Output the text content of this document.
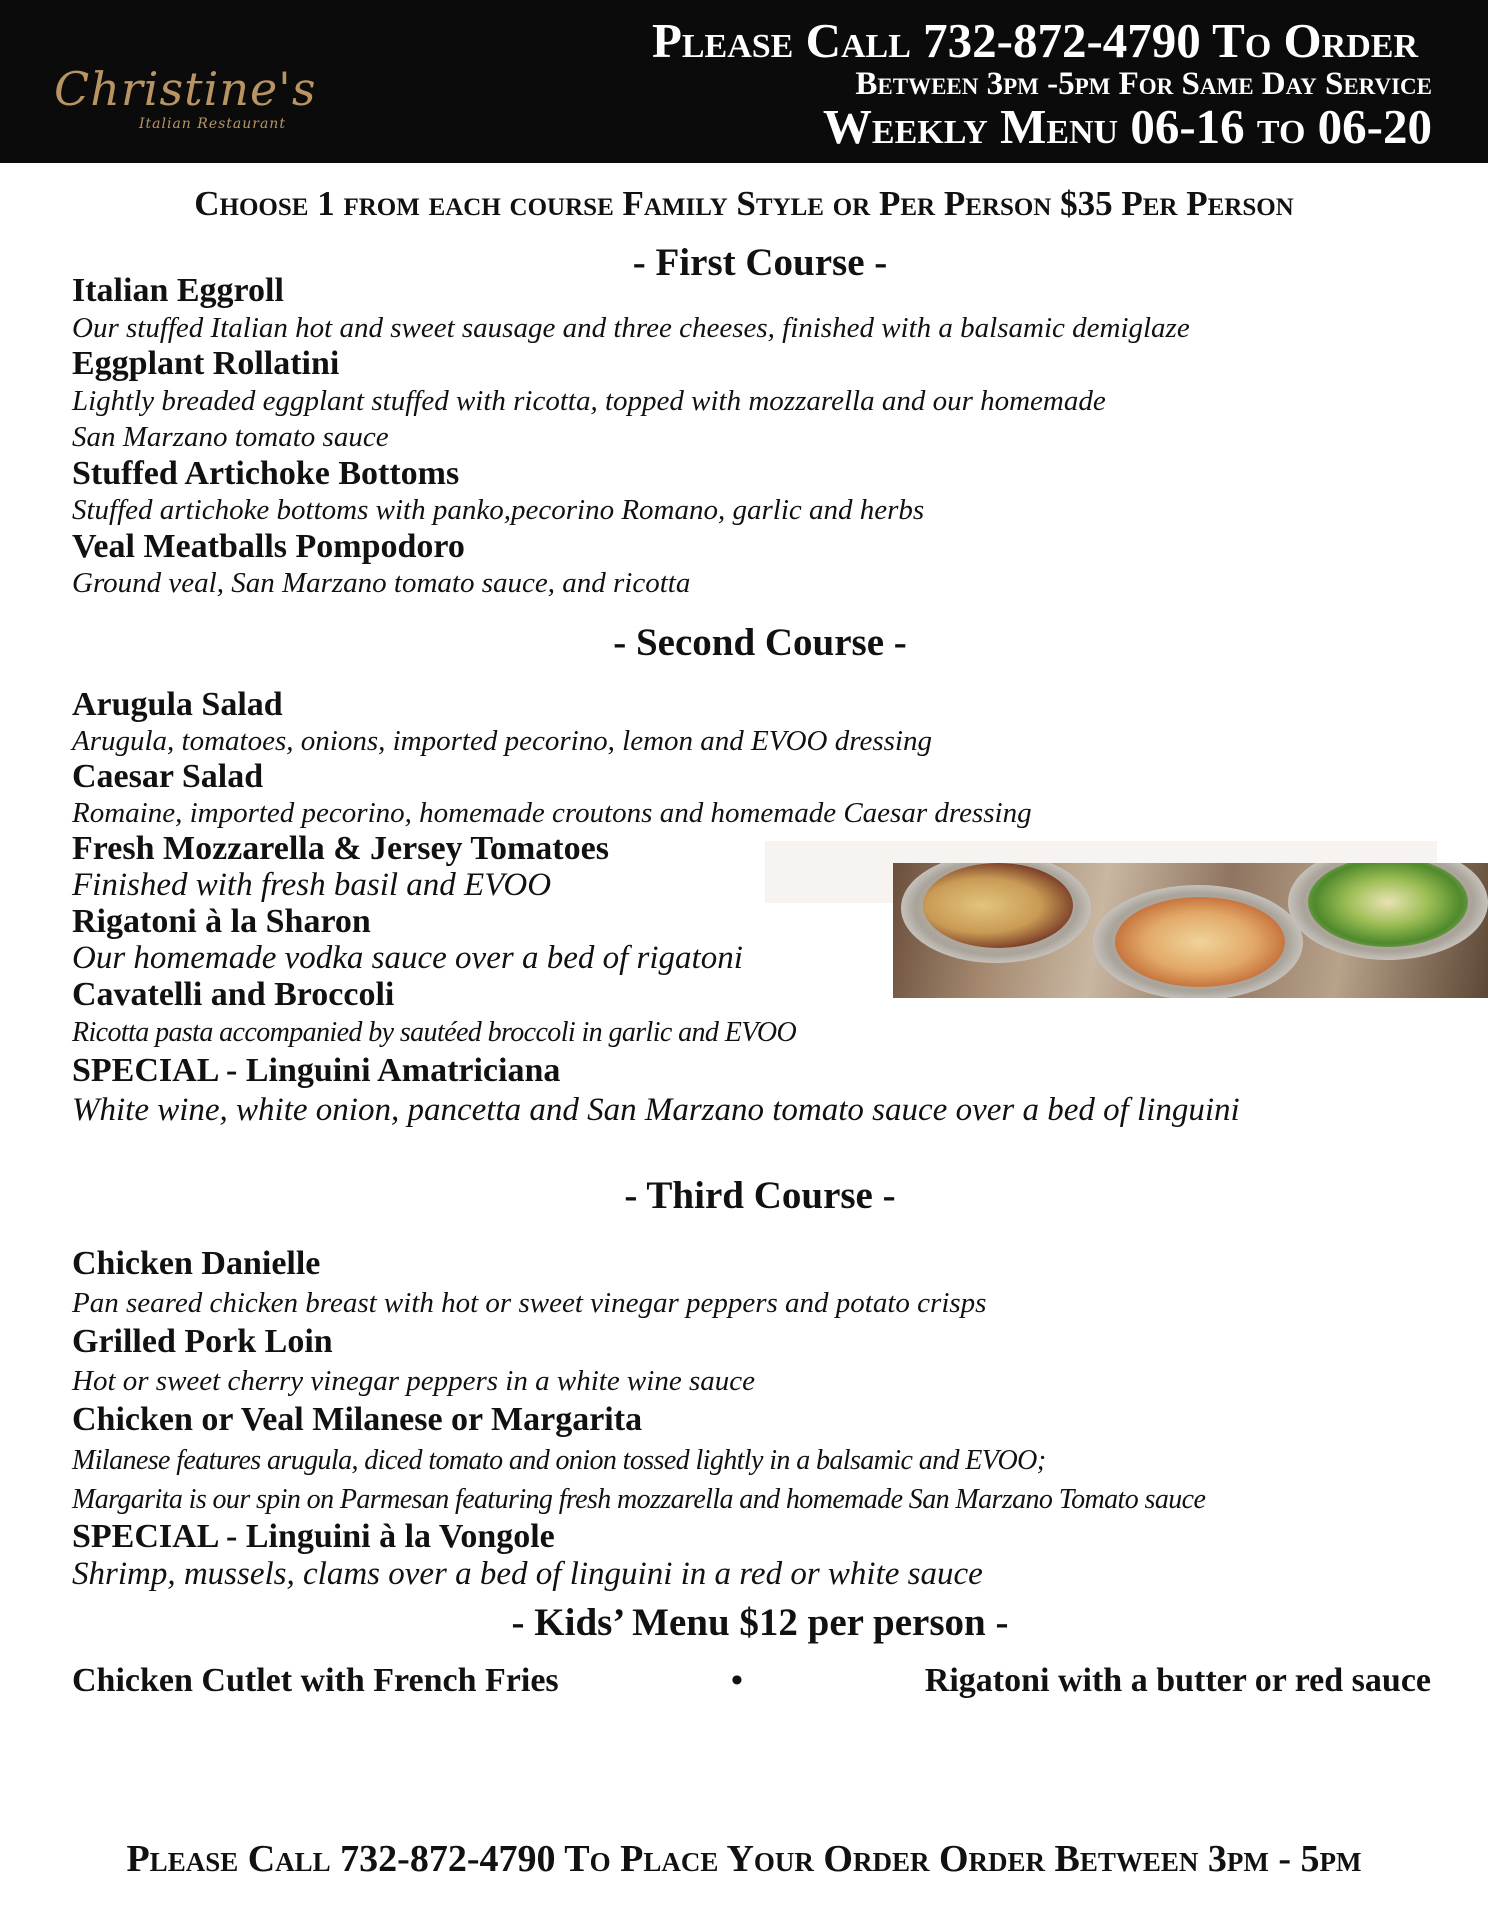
Christine's
Italian Restaurant
Please Call 732-872-4790 To Order
Between 3pm -5pm For Same Day Service
Weekly Menu 06-16 to 06-20
Choose 1 from each course Family Style or Per Person $35 Per Person
- First Course -
Italian Eggroll
Our stuffed Italian hot and sweet sausage and three cheeses, finished with a balsamic demiglaze
Eggplant Rollatini
Lightly breaded eggplant stuffed with ricotta, topped with mozzarella and our homemade
San Marzano tomato sauce
Stuffed Artichoke Bottoms
Stuffed artichoke bottoms with panko,pecorino Romano, garlic and herbs
Veal Meatballs Pompodoro
Ground veal, San Marzano tomato sauce, and ricotta
- Second Course -
Arugula Salad
Arugula, tomatoes, onions, imported pecorino, lemon and EVOO dressing
Caesar Salad
Romaine, imported pecorino, homemade croutons and homemade Caesar dressing
Fresh Mozzarella & Jersey Tomatoes
Finished with fresh basil and EVOO
Rigatoni à la Sharon
Our homemade vodka sauce over a bed of rigatoni
Cavatelli and Broccoli
Ricotta pasta accompanied by sautéed broccoli in garlic and EVOO
SPECIAL - Linguini Amatriciana
White wine, white onion, pancetta and San Marzano tomato sauce over a bed of linguini
- Third Course -
Chicken Danielle
Pan seared chicken breast with hot or sweet vinegar peppers and potato crisps
Grilled Pork Loin
Hot or sweet cherry vinegar peppers in a white wine sauce
Chicken or Veal Milanese or Margarita
Milanese features arugula, diced tomato and onion tossed lightly in a balsamic and EVOO;
Margarita is our spin on Parmesan featuring fresh mozzarella and homemade San Marzano Tomato sauce
SPECIAL - Linguini à la Vongole
Shrimp, mussels, clams over a bed of linguini in a red or white sauce
- Kids’ Menu $12 per person -
Chicken Cutlet with French Fries	•	Rigatoni with a butter or red sauce
Please Call 732-872-4790 To Place Your Order Order Between 3pm - 5pm
